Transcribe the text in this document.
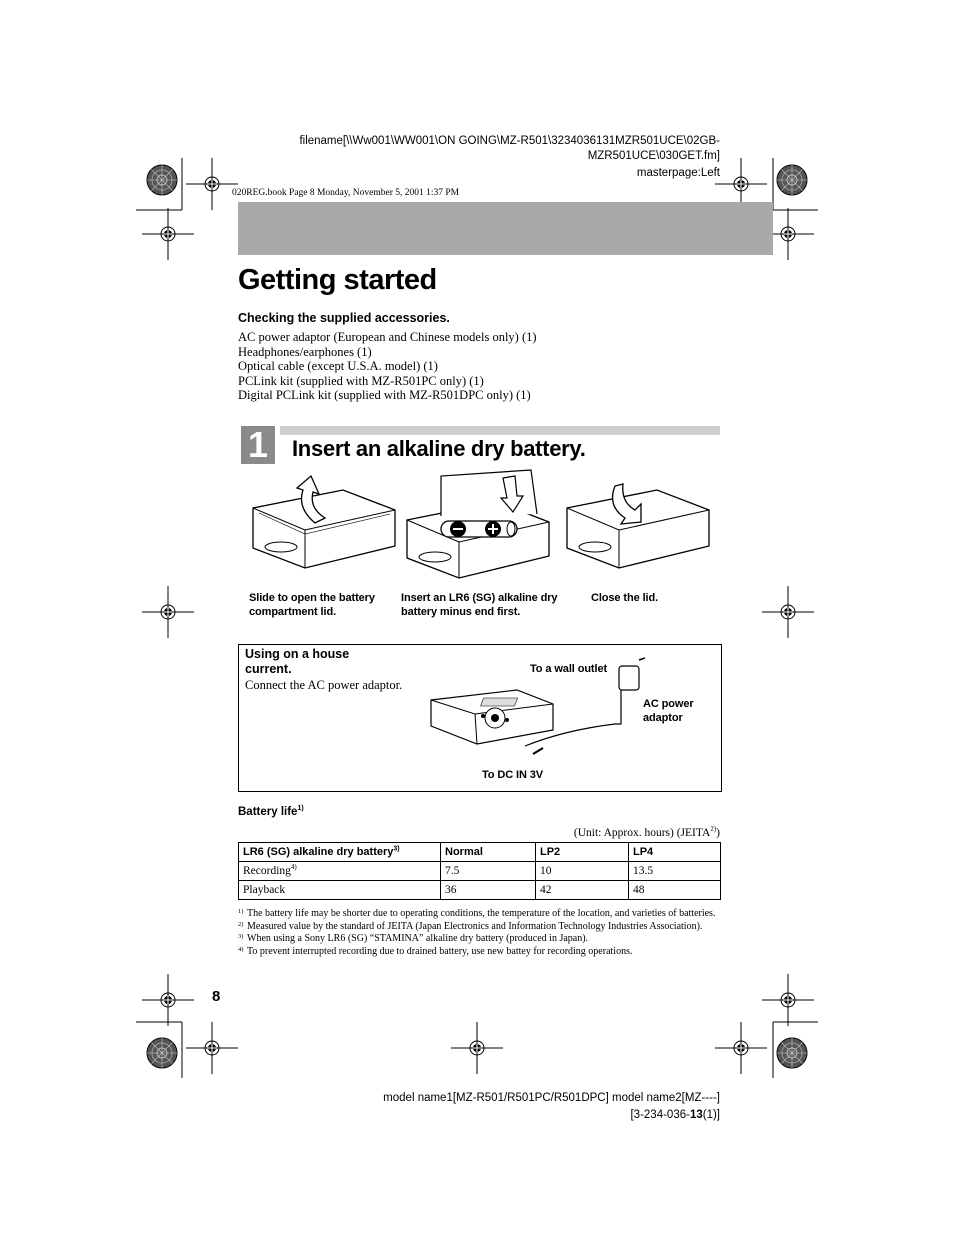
filename[\\Ww001\WW001\ON GOING\MZ-R501\3234036131MZR501UCE\02GB-
MZR501UCE\030GET.fm]
masterpage:Left
020REG.book Page 8 Monday, November 5, 2001 1:37 PM
Getting started
Checking the supplied accessories.
AC power adaptor (European and Chinese models only) (1)
Headphones/earphones (1)
Optical cable (except U.S.A. model) (1)
PCLink kit (supplied with MZ-R501PC only) (1)
Digital PCLink kit (supplied with MZ-R501DPC only) (1)
1	Insert an alkaline dry battery.
Slide to open the battery
compartment lid.
Insert an LR6 (SG) alkaline dry
battery minus end first.
Close the lid.
Using on a house
current.
Connect the AC power adaptor.
To a wall outlet
AC power
adaptor
To DC IN 3V
Battery life$^{1)}$
(Unit: Approx. hours) (JEITA$^{2)}$)
LR6 (SG) alkaline dry battery$^{3)}$	Normal	LP2	LP4
Recording$^{4)}$	7.5	10	13.5
Playback	36	42	48
1) The battery life may be shorter due to operating conditions, the temperature of the location, and varieties of batteries.
2) Measured value by the standard of JEITA (Japan Electronics and Information Technology Industries Association).
3) When using a Sony LR6 (SG) “STAMINA” alkaline dry battery (produced in Japan).
4) To prevent interrupted recording due to drained battery, use new battey for recording operations.
8
model name1[MZ-R501/R501PC/R501DPC] model name2[MZ----]
[3-234-036-13(1)]
